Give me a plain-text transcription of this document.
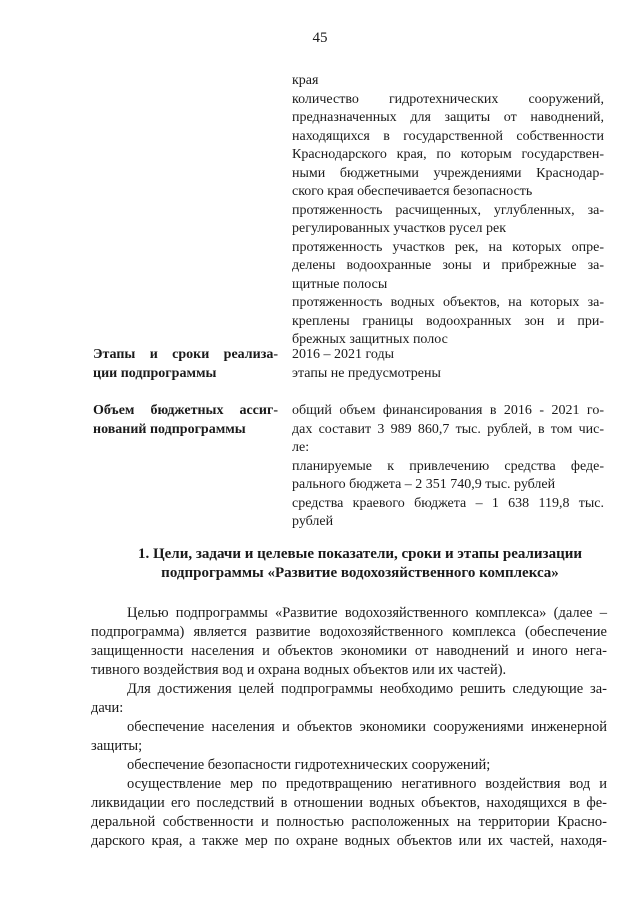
45
края
количество гидротехнических сооружений,
предназначенных для защиты от наводнений,
находящихся в государственной собственности
Краснодарского края, по которым государствен-
ными бюджетными учреждениями Краснодар-
ского края обеспечивается безопасность
протяженность расчищенных, углубленных, за-
регулированных участков русел рек
протяженность участков рек, на которых опре-
делены водоохранные зоны и прибрежные за-
щитные полосы
протяженность водных объектов, на которых за-
креплены границы водоохранных зон и при-
брежных защитных полос
Этапы и сроки реализа-
ции подпрограммы
2016 – 2021 годы
этапы не предусмотрены
Объем бюджетных ассиг-
нований подпрограммы
общий объем финансирования в 2016 - 2021 го-
дах составит 3 989 860,7 тыс. рублей, в том чис-
ле:
планируемые к привлечению средства феде-
рального бюджета – 2 351 740,9 тыс. рублей
средства краевого бюджета – 1 638 119,8 тыс.
рублей
1. Цели, задачи и целевые показатели, сроки и этапы реализации
подпрограммы «Развитие водохозяйственного комплекса»
Целью подпрограммы «Развитие водохозяйственного комплекса» (далее –
подпрограмма) является развитие водохозяйственного комплекса (обеспечение
защищенности населения и объектов экономики от наводнений и иного нега-
тивного воздействия вод и охрана водных объектов или их частей).
Для достижения целей подпрограммы необходимо решить следующие за-
дачи:
обеспечение населения и объектов экономики сооружениями инженерной
защиты;
обеспечение безопасности гидротехнических сооружений;
осуществление мер по предотвращению негативного воздействия вод и
ликвидации его последствий в отношении водных объектов, находящихся в фе-
деральной собственности и полностью расположенных на территории Красно-
дарского края, а также мер по охране водных объектов или их частей, находя-
